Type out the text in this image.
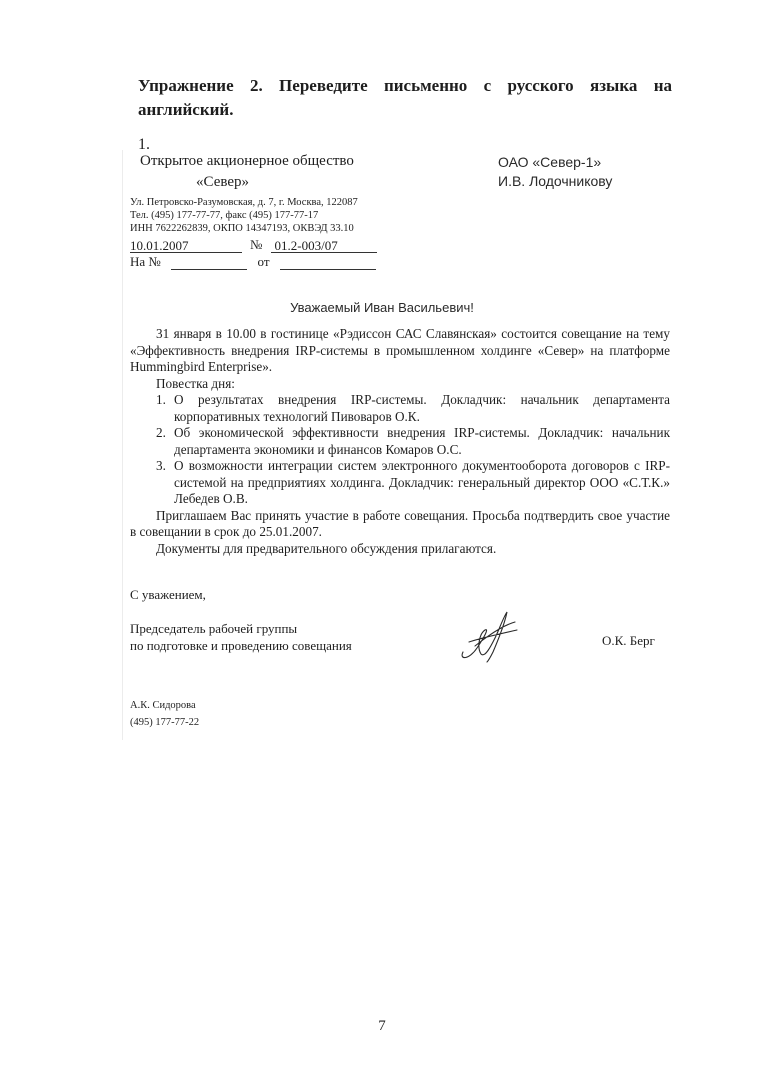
Упражнение 2. Переведите письменно с русского языка на английский.
1.
Открытое акционерное общество
«Север»
ОАО «Север-1»
И.В. Лодочникову
Ул. Петровско-Разумовская, д. 7, г. Москва, 122087
Тел. (495) 177-77-77, факс (495) 177-77-17
ИНН 7622262839, ОКПО 14347193, ОКВЭД 33.10
10.01.2007	№ 01.2-003/07
На №	от
Уважаемый Иван Васильевич!

31 января в 10.00 в гостинице «Рэдиссон САС Славянская» состоится совещание на тему «Эффективность внедрения IRP-системы в промышленном холдинге «Север» на платформе Hummingbird Enterprise».

Повестка дня:

1. О результатах внедрения IRP-системы. Докладчик: начальник департамента корпоративных технологий Пивоваров О.К.
2. Об экономической эффективности внедрения IRP-системы. Докладчик: начальник департамента экономики и финансов Комаров О.С.
3. О возможности интеграции систем электронного документооборота договоров с IRP-системой на предприятиях холдинга. Докладчик: генеральный директор ООО «С.Т.К.» Лебедев О.В.

Приглашаем Вас принять участие в работе совещания. Просьба подтвердить свое участие в совещании в срок до 25.01.2007.

Документы для предварительного обсуждения прилагаются.

С уважением,
Председатель рабочей группы
по подготовке и проведению совещания	О.К. Берг
А.К. Сидорова
(495) 177-77-22
7
